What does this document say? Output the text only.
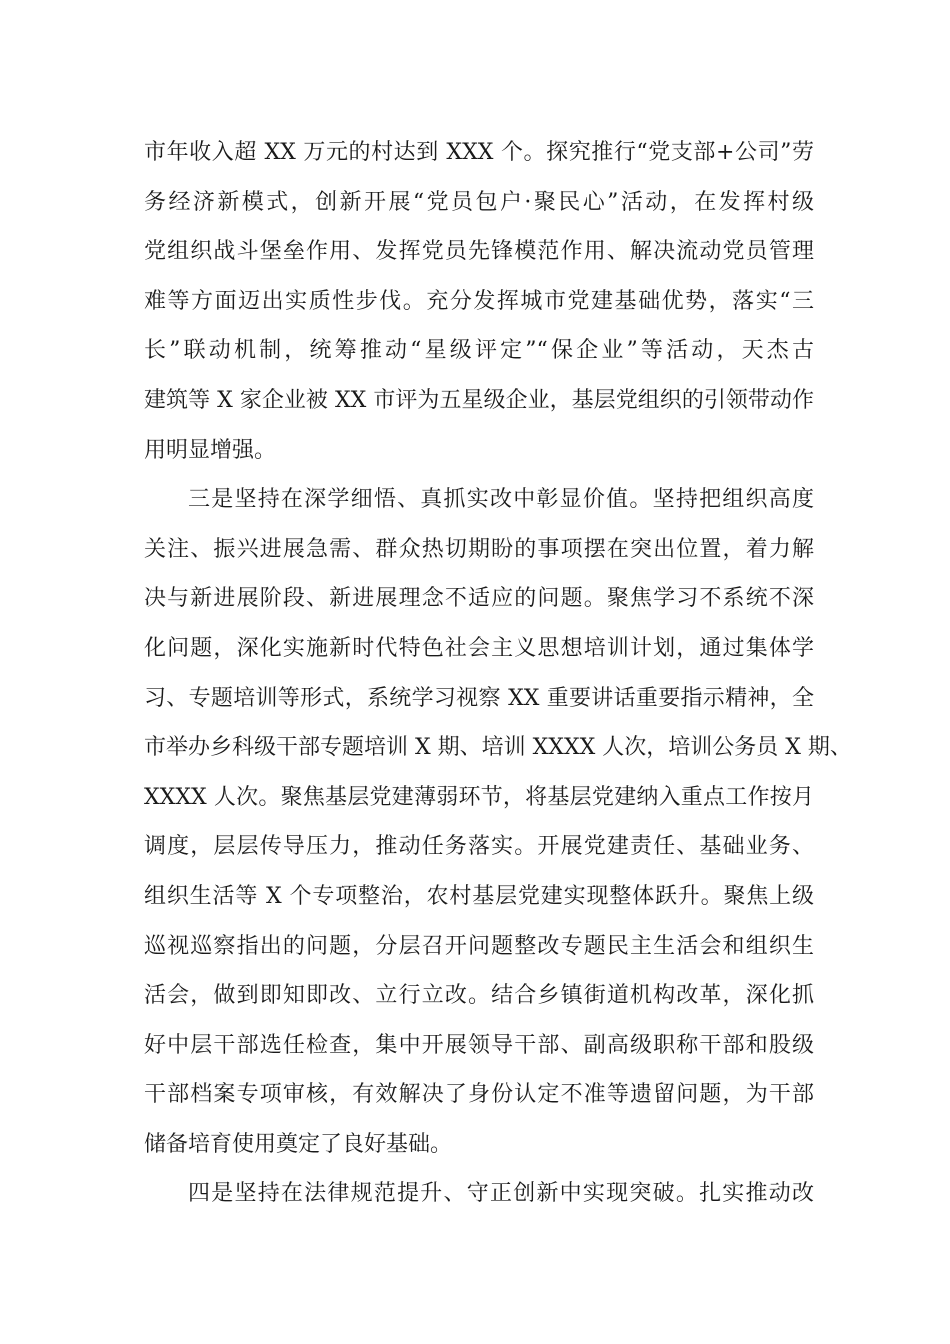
市年收入超 XX 万元的村达到 XXX 个。探究推行“党支部+公司”劳
务经济新模式，创新开展“党员包户·聚民心”活动，在发挥村级
党组织战斗堡垒作用、发挥党员先锋模范作用、解决流动党员管理
难等方面迈出实质性步伐。充分发挥城市党建基础优势，落实“三
长”联动机制，统筹推动“星级评定”“保企业”等活动，天杰古
建筑等 X 家企业被 XX 市评为五星级企业，基层党组织的引领带动作
用明显增强。
三是坚持在深学细悟、真抓实改中彰显价值。坚持把组织高度
关注、振兴进展急需、群众热切期盼的事项摆在突出位置，着力解
决与新进展阶段、新进展理念不适应的问题。聚焦学习不系统不深
化问题，深化实施新时代特色社会主义思想培训计划，通过集体学
习、专题培训等形式，系统学习视察 XX 重要讲话重要指示精神，全
市举办乡科级干部专题培训 X 期、培训 XXXX 人次，培训公务员 X 期、
XXXX 人次。聚焦基层党建薄弱环节，将基层党建纳入重点工作按月
调度，层层传导压力，推动任务落实。开展党建责任、基础业务、
组织生活等 X 个专项整治，农村基层党建实现整体跃升。聚焦上级
巡视巡察指出的问题，分层召开问题整改专题民主生活会和组织生
活会，做到即知即改、立行立改。结合乡镇街道机构改革，深化抓
好中层干部选任检查，集中开展领导干部、副高级职称干部和股级
干部档案专项审核，有效解决了身份认定不准等遗留问题，为干部
储备培育使用奠定了良好基础。
四是坚持在法律规范提升、守正创新中实现突破。扎实推动改
